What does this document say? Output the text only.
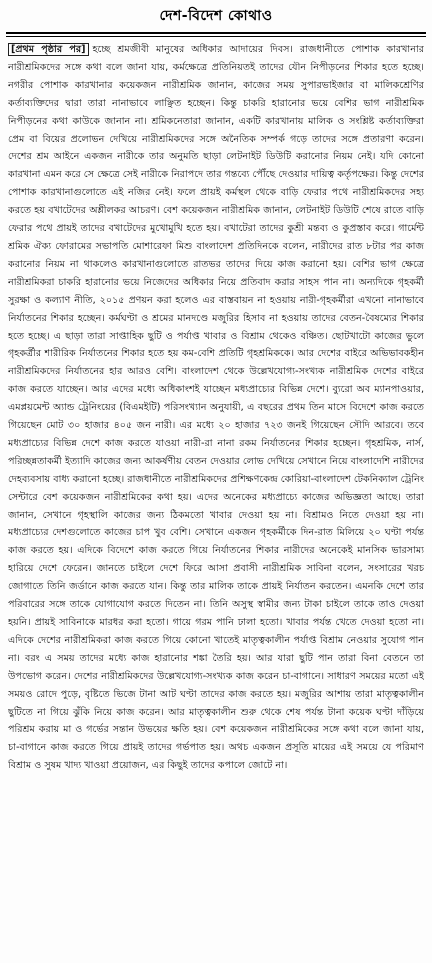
দেশ-বিদেশ কোথাও
[প্রথম পৃষ্ঠার পর] হচ্ছে শ্রমজীবী মানুষের অধিকার আদায়ের দিবস। রাজধানীতে পোশাক কারখানার নারীশ্রমিকদের সঙ্গে কথা বলে জানা যায়, কর্মক্ষেত্রে প্রতিনিয়তই তাদের যৌন নিপীড়নের শিকার হতে হচ্ছে। নগরীর পোশাক কারখানার কয়েকজন নারীশ্রমিক জানান, কাজের সময় সুপারভাইজার বা মালিকশ্রেণির কর্তাব্যক্তিদের দ্বারা তারা নানাভাবে লাঞ্ছিত হচ্ছেন। কিন্তু চাকরি হারানোর ভয়ে বেশির ভাগ নারীশ্রমিক নিপীড়নের কথা কাউকে জানান না। শ্রমিকনেতারা জানান, একটি কারখানায় মালিক ও সংশ্লিষ্ট কর্তাব্যক্তিরা প্রেম বা বিয়ের প্রলোভন দেখিয়ে নারীশ্রমিকদের সঙ্গে অনৈতিক সম্পর্ক গড়ে তাদের সঙ্গে প্রতারণা করেন। দেশের শ্রম আইনে একজন নারীকে তার অনুমতি ছাড়া লেটনাইট ডিউটি করানোর নিয়ম নেই। যদি কোনো কারখানা এমন করে সে ক্ষেত্রে সেই নারীকে নিরাপদে তার গন্তব্যে পৌঁছে দেওয়ার দায়িত্ব কর্তৃপক্ষের। কিন্তু দেশের পোশাক কারখানাগুলোতে এই নজির নেই। ফলে প্রায়ই কর্মস্থল থেকে বাড়ি ফেরার পথে নারীশ্রমিকদের সহ্য করতে হয় বখাটেদের অশ্লীলকর আচরণ। বেশ কয়েকজন নারীশ্রমিক জানান, লেটনাইট ডিউটি শেষে রাতে বাড়ি ফেরার পথে প্রায়ই তাদের বখাটেদের মুখোমুখি হতে হয়। বখাটেরা তাদের কুশ্রী মন্তব্য ও কুপ্রস্তাব করে। গার্মেন্ট শ্রমিক ঐক্য ফোরামের সভাপতি মোশারেফা মিশু বাংলাদেশ প্রতিদিনকে বলেন, নারীদের রাত ৮টার পর কাজ করানোর নিয়ম না থাকলেও কারখানাগুলোতে রাতভর তাদের দিয়ে কাজ করানো হয়। বেশির ভাগ ক্ষেত্রে নারীশ্রমিকরা চাকরি হারানোর ভয়ে নিজেদের অধিকার নিয়ে প্রতিবাদ করার সাহস পান না। অন্যদিকে গৃহকর্মী সুরক্ষা ও কল্যাণ নীতি, ২০১৫ প্রণয়ন করা হলেও এর বাস্তবায়ন না হওয়ায় নারী-গৃহকর্মীরা এখনো নানাভাবে নির্যাতনের শিকার হচ্ছেন। কর্মঘণ্টা ও শ্রমের মানদণ্ডে মজুরির হিসাব না হওয়ায় তাদের বেতন-বৈষম্যের শিকার হতে হচ্ছে। এ ছাড়া তারা সাপ্তাহিক ছুটি ও পর্যাপ্ত খাবার ও বিশ্রাম থেকেও বঞ্চিত। ছোটখাটো কাজের ভুলে গৃহকর্ত্রীর শারীরিক নির্যাতনের শিকার হতে হয় কম-বেশি প্রতিটি গৃহশ্রমিককে। আর দেশের বাইরে অভিভাবকহীন নারীশ্রমিকদের নির্যাতনের হার আরও বেশি। বাংলাদেশ থেকে উল্লেখযোগ্য-সংখ্যক নারীশ্রমিক দেশের বাইরে কাজ করতে যাচ্ছেন। আর এদের মধ্যে অধিকাংশই যাচ্ছেন মধ্যপ্রাচ্যের বিভিন্ন দেশে। ব্যুরো অব ম্যানপাওয়ার, এমপ্লয়মেন্ট অ্যান্ড ট্রেনিংয়ের (বিএমইটি) পরিসংখ্যান অনুযায়ী, এ বছরের প্রথম তিন মাসে বিদেশে কাজ করতে গিয়েছেন মোট ৩০ হাজার ৪০৫ জন নারী। এর মধ্যে ২০ হাজার ৭২৩ জনই গিয়েছেন সৌদি আরবে। তবে মধ্যপ্রাচ্যের বিভিন্ন দেশে কাজ করতে যাওয়া নারী-রা নানা রকম নির্যাতনের শিকার হচ্ছেন। গৃহশ্রমিক, নার্স, পরিচ্ছন্নতাকর্মী ইত্যাদি কাজের জন্য আকর্ষণীয় বেতন দেওয়ার লোভ দেখিয়ে সেখানে নিয়ে বাংলাদেশি নারীদের দেহব্যবসায় বাধ্য করানো হচ্ছে। রাজধানীতে নারীশ্রমিকদের প্রশিক্ষণকেন্দ্র কোরিয়া-বাংলাদেশ টেকনিক্যাল ট্রেনিং সেন্টারে বেশ কয়েকজন নারীশ্রমিকের কথা হয়। এদের অনেকের মধ্যপ্রাচ্যে কাজের অভিজ্ঞতা আছে। তারা জানান, সেখানে গৃহস্থালি কাজের জন্য ঠিকমতো খাবার দেওয়া হয় না। বিশ্রামও নিতে দেওয়া হয় না। মধ্যপ্রাচ্যের দেশগুলোতে কাজের চাপ খুব বেশি। সেখানে একজন গৃহকর্মীকে দিন-রাত মিলিয়ে ২০ ঘণ্টা পর্যন্ত কাজ করতে হয়। এদিকে বিদেশে কাজ করতে গিয়ে নির্যাতনের শিকার নারীদের অনেকেই মানসিক ভারসাম্য হারিয়ে দেশে ফেরেন। জানতে চাইলে দেশে ফিরে আসা প্রবাসী নারীশ্রমিক সাবিনা বলেন, সংসারের খরচ জোগাতে তিনি জর্ডানে কাজ করতে যান। কিন্তু তার মালিক তাকে প্রায়ই নির্যাতন করতেন। এমনকি দেশে তার পরিবারের সঙ্গে তাকে যোগাযোগ করতে দিতেন না। তিনি অসুস্থ স্বামীর জন্য টাকা চাইলে তাকে তাও দেওয়া হয়নি। প্রায়ই সাবিনাকে মারধর করা হতো। গায়ে গরম পানি ঢালা হতো। খাবার পর্যন্ত খেতে দেওয়া হতো না। এদিকে দেশের নারীশ্রমিকরা কাজ করতে গিয়ে কোনো খাতেই মাতৃত্বকালীন পর্যাপ্ত বিশ্রাম নেওয়ার সুযোগ পান না। বরং এ সময় তাদের মধ্যে কাজ হারানোর শঙ্কা তৈরি হয়। আর যারা ছুটি পান তারা বিনা বেতনে তা উপভোগ করেন। দেশের নারীশ্রমিকদের উল্লেখযোগ্য-সংখ্যক কাজ করেন চা-বাগানে। সাধারণ সময়ের মতো এই সময়ও রোদে পুড়ে, বৃষ্টিতে ভিজে টানা আট ঘণ্টা তাদের কাজ করতে হয়। মজুরির আশায় তারা মাতৃত্বকালীন ছুটিতে না গিয়ে ঝুঁকি নিয়ে কাজ করেন। আর মাতৃত্বকালীন শুরু থেকে শেষ পর্যন্ত টানা কয়েক ঘণ্টা দাঁড়িয়ে পরিশ্রম করায় মা ও গর্ভের সন্তান উভয়ের ক্ষতি হয়। বেশ কয়েকজন নারীশ্রমিকের সঙ্গে কথা বলে জানা যায়, চা-বাগানে কাজ করতে গিয়ে প্রায়ই তাদের গর্ভপাত হয়। অথচ একজন প্রসূতি মায়ের এই সময়ে যে পরিমাণ বিশ্রাম ও সুষম খাদ্য খাওয়া প্রয়োজন, এর কিছুই তাদের কপালে জোটে না।
